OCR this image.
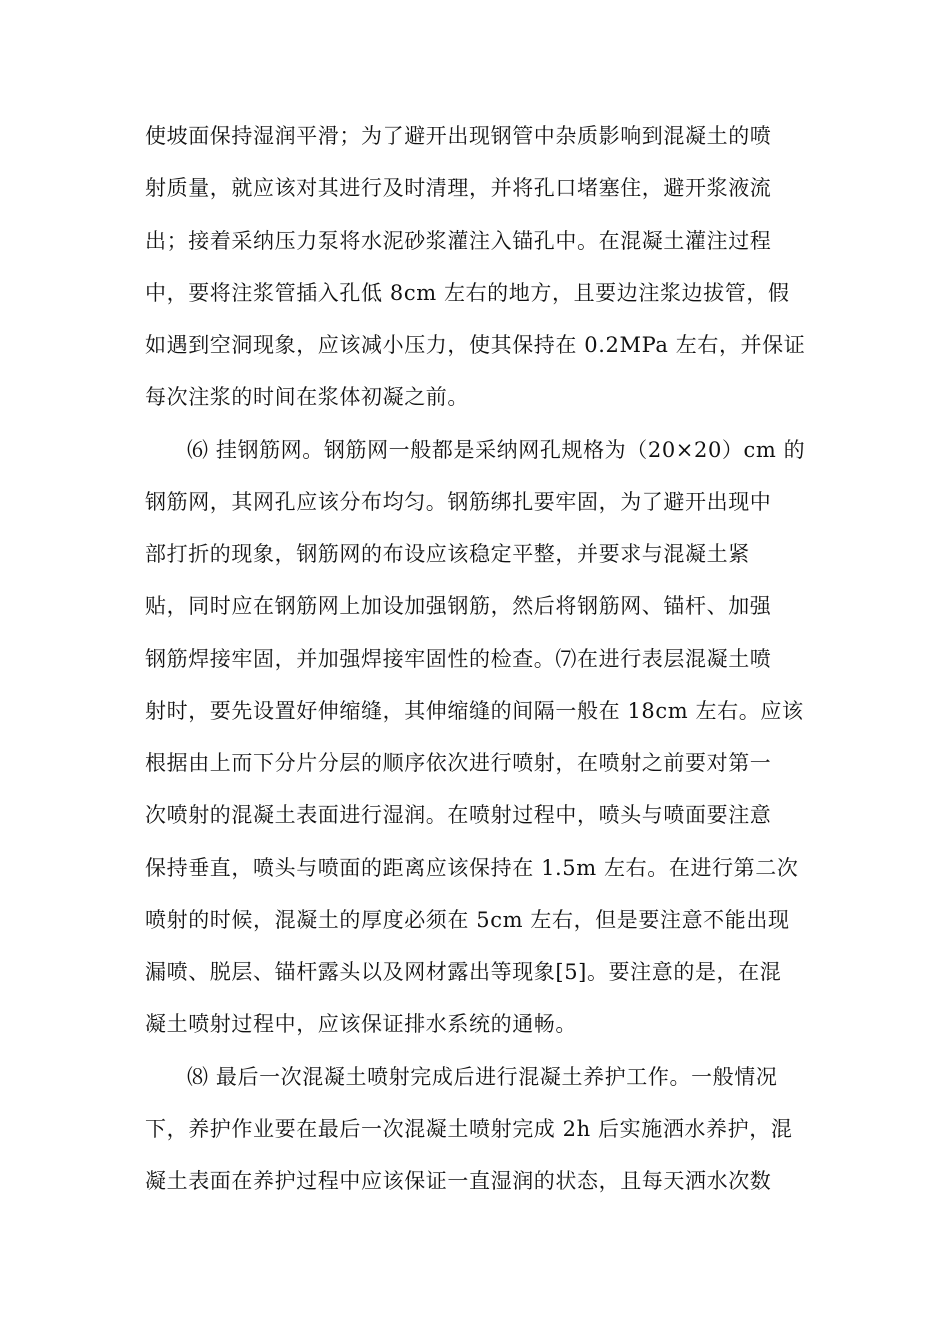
使坡面保持湿润平滑；为了避开出现钢管中杂质影响到混凝土的喷
射质量，就应该对其进行及时清理，并将孔口堵塞住，避开浆液流
出；接着采纳压力泵将水泥砂浆灌注入锚孔中。在混凝土灌注过程
中，要将注浆管插入孔低 8cm 左右的地方，且要边注浆边拔管，假
如遇到空洞现象，应该减小压力，使其保持在 0.2MPa 左右，并保证
每次注浆的时间在浆体初凝之前。
⑹ 挂钢筋网。钢筋网一般都是采纳网孔规格为（20×20）cm 的
钢筋网，其网孔应该分布均匀。钢筋绑扎要牢固，为了避开出现中
部打折的现象，钢筋网的布设应该稳定平整，并要求与混凝土紧
贴，同时应在钢筋网上加设加强钢筋，然后将钢筋网、锚杆、加强
钢筋焊接牢固，并加强焊接牢固性的检查。⑺在进行表层混凝土喷
射时，要先设置好伸缩缝，其伸缩缝的间隔一般在 18cm 左右。应该
根据由上而下分片分层的顺序依次进行喷射，在喷射之前要对第一
次喷射的混凝土表面进行湿润。在喷射过程中，喷头与喷面要注意
保持垂直，喷头与喷面的距离应该保持在 1.5m 左右。在进行第二次
喷射的时候，混凝土的厚度必须在 5cm 左右，但是要注意不能出现
漏喷、脱层、锚杆露头以及网材露出等现象[5]。要注意的是，在混
凝土喷射过程中，应该保证排水系统的通畅。
⑻ 最后一次混凝土喷射完成后进行混凝土养护工作。一般情况
下，养护作业要在最后一次混凝土喷射完成 2h 后实施洒水养护，混
凝土表面在养护过程中应该保证一直湿润的状态，且每天洒水次数
